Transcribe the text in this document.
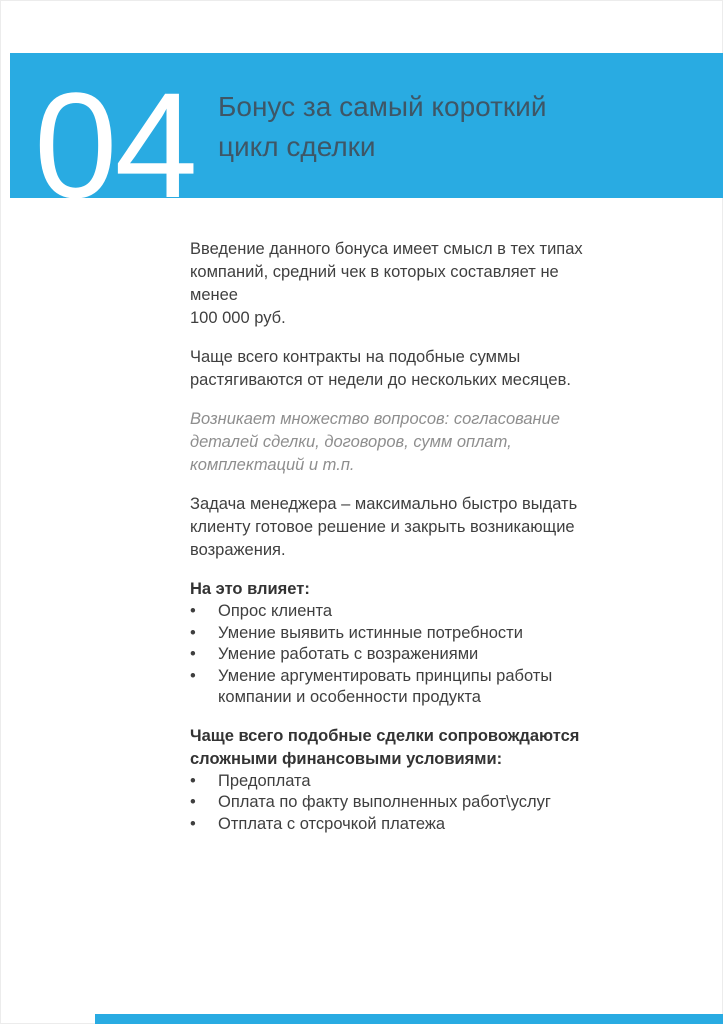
04 Бонус за самый короткий
цикл сделки

Введение данного бонуса имеет смысл в тех типах
компаний, средний чек в которых составляет не менее
100 000 руб.

Чаще всего контракты на подобные суммы
растягиваются от недели до нескольких месяцев.

Возникает множество вопросов: согласование
деталей сделки, договоров, сумм оплат,
комплектаций и т.п.

Задача менеджера – максимально быстро выдать
клиенту готовое решение и закрыть возникающие
возражения.

На это влияет:

•	Опрос клиента
•	Умение выявить истинные потребности
•	Умение работать с возражениями
•	Умение аргументировать принципы работы
компании и особенности продукта

Чаще всего подобные сделки сопровождаются
сложными финансовыми условиями:

•	Предоплата
•	Оплата по факту выполненных работ\услуг
•	Отплата с отсрочкой платежа
